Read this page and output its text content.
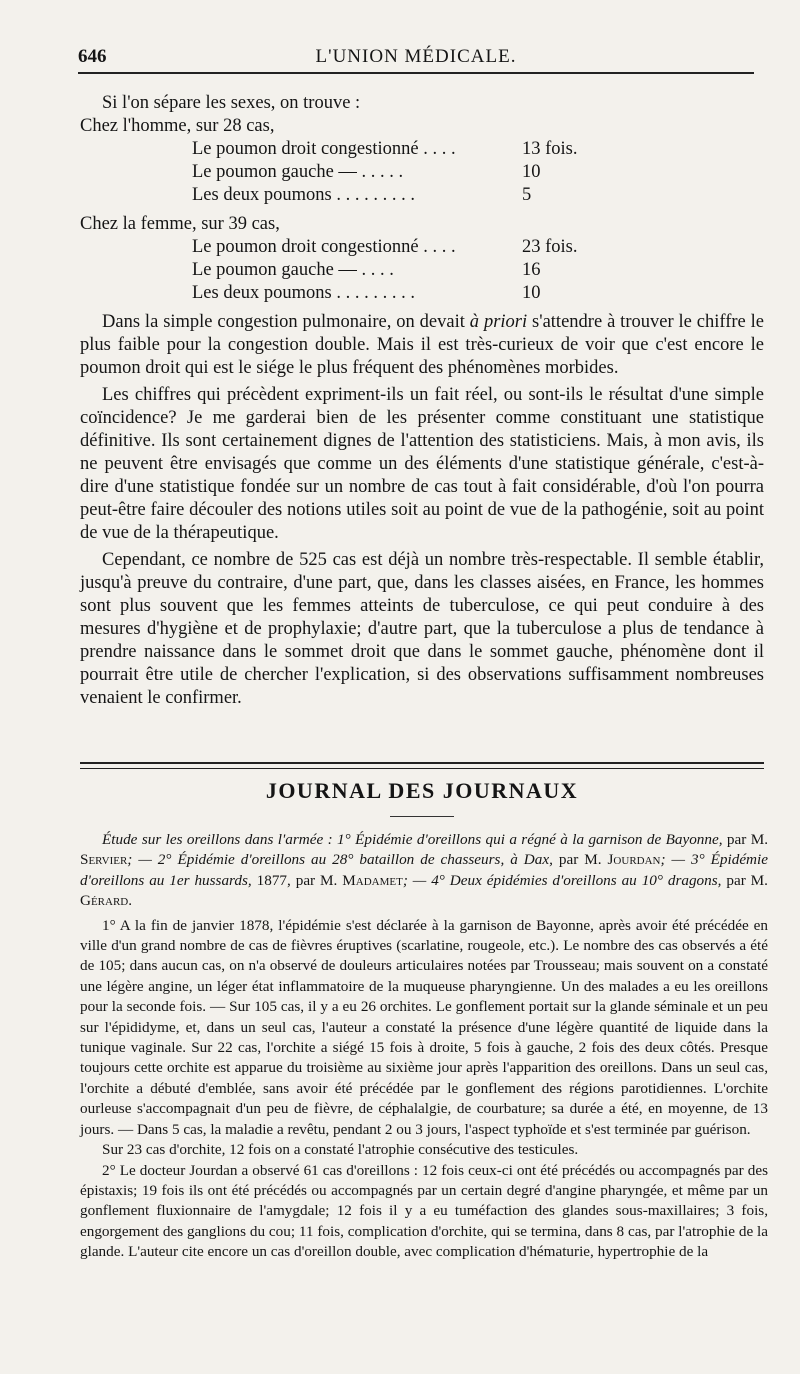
646	L'UNION MÉDICALE.

Si l'on sépare les sexes, on trouve :

Chez l'homme, sur 28 cas,

Le poumon droit congestionné . . . .	13 fois.
Le poumon gauche — . . . . .	10
Les deux poumons . . . . . . . . .	5

Chez la femme, sur 39 cas,

Le poumon droit congestionné . . . .	23 fois.
Le poumon gauche — . . . .	16
Les deux poumons . . . . . . . . .	10

Dans la simple congestion pulmonaire, on devait à priori s'attendre à trouver le chiffre le plus faible pour la congestion double. Mais il est très-curieux de voir que c'est encore le poumon droit qui est le siége le plus fréquent des phénomènes morbides.

Les chiffres qui précèdent expriment-ils un fait réel, ou sont-ils le résultat d'une simple coïncidence? Je me garderai bien de les présenter comme constituant une statistique définitive. Ils sont certainement dignes de l'attention des statisticiens. Mais, à mon avis, ils ne peuvent être envisagés que comme un des éléments d'une statistique générale, c'est-à-dire d'une statistique fondée sur un nombre de cas tout à fait considérable, d'où l'on pourra peut-être faire découler des notions utiles soit au point de vue de la pathogénie, soit au point de vue de la thérapeutique.

Cependant, ce nombre de 525 cas est déjà un nombre très-respectable. Il semble établir, jusqu'à preuve du contraire, d'une part, que, dans les classes aisées, en France, les hommes sont plus souvent que les femmes atteints de tuberculose, ce qui peut conduire à des mesures d'hygiène et de prophylaxie; d'autre part, que la tuberculose a plus de tendance à prendre naissance dans le sommet droit que dans le sommet gauche, phénomène dont il pourrait être utile de chercher l'explication, si des observations suffisamment nombreuses venaient le confirmer.

JOURNAL DES JOURNAUX

Étude sur les oreillons dans l'armée : 1° Épidémie d'oreillons qui a régné à la garnison de Bayonne, par M. Servier; — 2° Épidémie d'oreillons au 28° bataillon de chasseurs, à Dax, par M. Jourdan; — 3° Épidémie d'oreillons au 1er hussards, 1877, par M. Madamet; — 4° Deux épidémies d'oreillons au 10° dragons, par M. Gérard.

1° A la fin de janvier 1878, l'épidémie s'est déclarée à la garnison de Bayonne, après avoir été précédée en ville d'un grand nombre de cas de fièvres éruptives (scarlatine, rougeole, etc.). Le nombre des cas observés a été de 105; dans aucun cas, on n'a observé de douleurs articulaires notées par Trousseau; mais souvent on a constaté une légère angine, un léger état inflammatoire de la muqueuse pharyngienne. Un des malades a eu les oreillons pour la seconde fois. — Sur 105 cas, il y a eu 26 orchites. Le gonflement portait sur la glande séminale et un peu sur l'épididyme, et, dans un seul cas, l'auteur a constaté la présence d'une légère quantité de liquide dans la tunique vaginale. Sur 22 cas, l'orchite a siégé 15 fois à droite, 5 fois à gauche, 2 fois des deux côtés. Presque toujours cette orchite est apparue du troisième au sixième jour après l'apparition des oreillons. Dans un seul cas, l'orchite a débuté d'emblée, sans avoir été précédée par le gonflement des régions parotidiennes. L'orchite ourleuse s'accompagnait d'un peu de fièvre, de céphalalgie, de courbature; sa durée a été, en moyenne, de 13 jours. — Dans 5 cas, la maladie a revêtu, pendant 2 ou 3 jours, l'aspect typhoïde et s'est terminée par guérison.

Sur 23 cas d'orchite, 12 fois on a constaté l'atrophie consécutive des testicules.

2° Le docteur Jourdan a observé 61 cas d'oreillons : 12 fois ceux-ci ont été précédés ou accompagnés par des épistaxis; 19 fois ils ont été précédés ou accompagnés par un certain degré d'angine pharyngée, et même par un gonflement fluxionnaire de l'amygdale; 12 fois il y a eu tuméfaction des glandes sous-maxillaires; 3 fois, engorgement des ganglions du cou; 11 fois, complication d'orchite, qui se termina, dans 8 cas, par l'atrophie de la glande. L'auteur cite encore un cas d'oreillon double, avec complication d'hématurie, hypertrophie de la
